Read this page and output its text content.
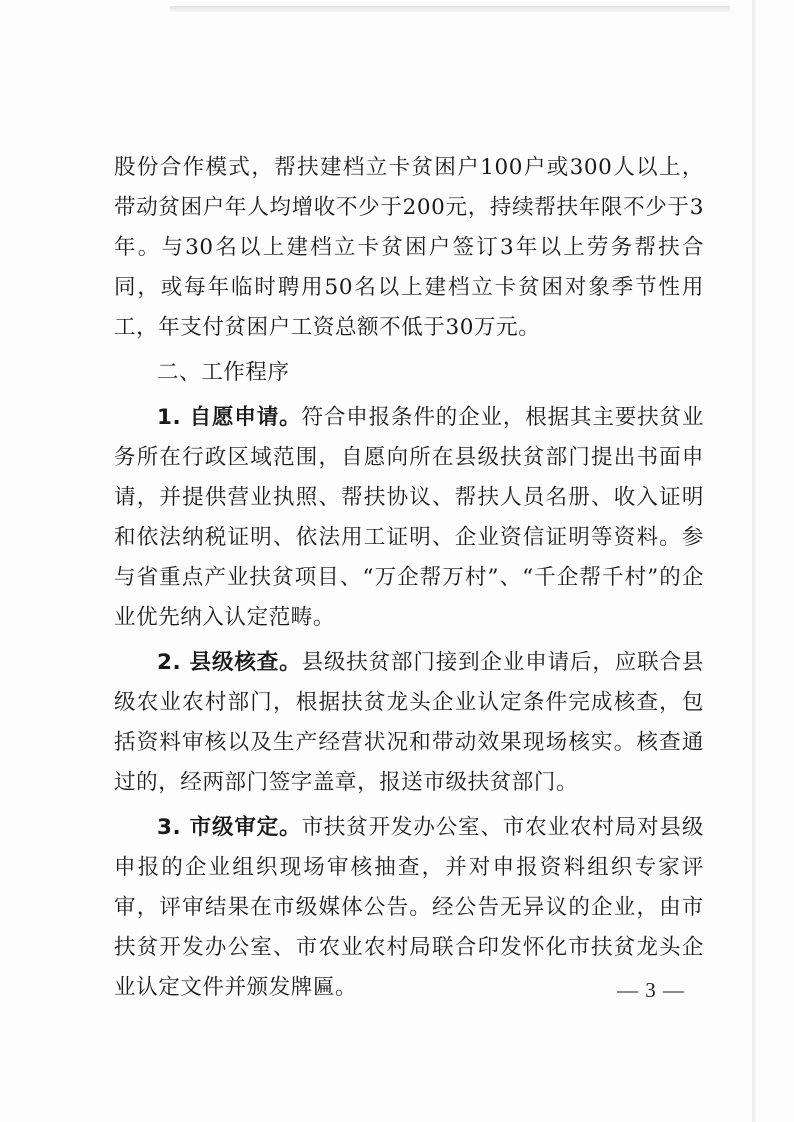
股份合作模式，帮扶建档立卡贫困户100户或300人以上，带动贫困户年人均增收不少于200元，持续帮扶年限不少于3年。与30名以上建档立卡贫困户签订3年以上劳务帮扶合同，或每年临时聘用50名以上建档立卡贫困对象季节性用工，年支付贫困户工资总额不低于30万元。

二、工作程序

1. 自愿申请。符合申报条件的企业，根据其主要扶贫业务所在行政区域范围，自愿向所在县级扶贫部门提出书面申请，并提供营业执照、帮扶协议、帮扶人员名册、收入证明和依法纳税证明、依法用工证明、企业资信证明等资料。参与省重点产业扶贫项目、“万企帮万村”、“千企帮千村”的企业优先纳入认定范畴。

2. 县级核查。县级扶贫部门接到企业申请后，应联合县级农业农村部门，根据扶贫龙头企业认定条件完成核查，包括资料审核以及生产经营状况和带动效果现场核实。核查通过的，经两部门签字盖章，报送市级扶贫部门。

3. 市级审定。市扶贫开发办公室、市农业农村局对县级申报的企业组织现场审核抽查，并对申报资料组织专家评审，评审结果在市级媒体公告。经公告无异议的企业，由市扶贫开发办公室、市农业农村局联合印发怀化市扶贫龙头企业认定文件并颁发牌匾。	— 3 —
